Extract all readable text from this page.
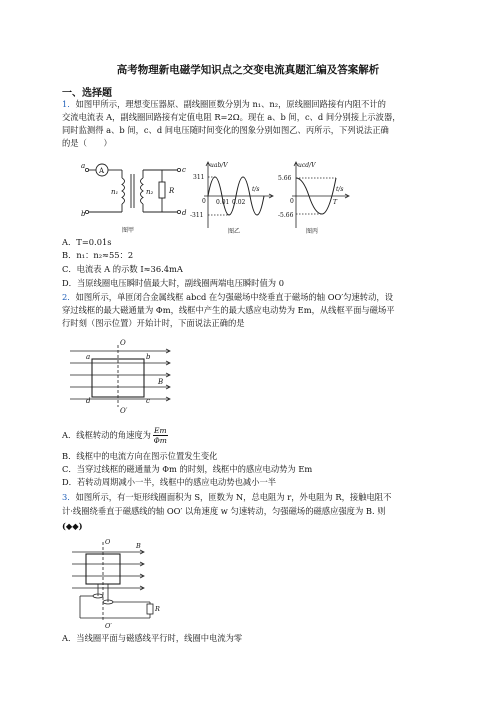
高考物理新电磁学知识点之交变电流真题汇编及答案解析
一、选择题
1．如图甲所示，理想变压器原、副线圈匝数分别为 n₁、n₂，原线圈回路接有内阻不计的
交流电流表 A，副线圈回路接有定值电阻 R=2Ω。现在 a、b 间，c、d 间分别接上示波器，
同时监测得 a、b 间，c、d 间电压随时间变化的图象分别如图乙、丙所示，下列说法正确
的是（　　）
a
b
c
d
A
n₁	n₂ R
图甲
uab/V
t/s
311
-311
0 0.01 0.02
图乙
ucd/V
t/s
5.66
-5.66
0	T
图丙
A．T=0.01s
B．n₁：n₂≈55：2
C．电流表 A 的示数 I≈36.4mA
D．当原线圈电压瞬时值最大时，副线圈两端电压瞬时值为 0
2．如图所示，单匝闭合金属线框 abcd 在匀强磁场中绕垂直于磁场的轴 OO′匀速转动，设
穿过线框的最大磁通量为 Φm，线框中产生的最大感应电动势为 Em，从线框平面与磁场平
行时刻（图示位置）开始计时，下面说法正确的是
O
O′
a	b
d	c
B
A．线框转动的角速度为 $\frac{Em}{\Phi m}$
B．线框中的电流方向在图示位置发生变化
C．当穿过线框的磁通量为 Φm 的时刻，线框中的感应电动势为 Em
D．若转动周期减小一半，线框中的感应电动势也减小一半
3．如图所示，有一矩形线圈面积为 S，匝数为 N，总电阻为 r，外电阻为 R，接触电阻不
计·线圈绕垂直于磁感线的轴 OO′ 以角速度 w 匀速转动，匀强磁场的磁感应强度为 B. 则
(◆◆)
O
O′
B
R
A．当线圈平面与磁感线平行时，线圈中电流为零
